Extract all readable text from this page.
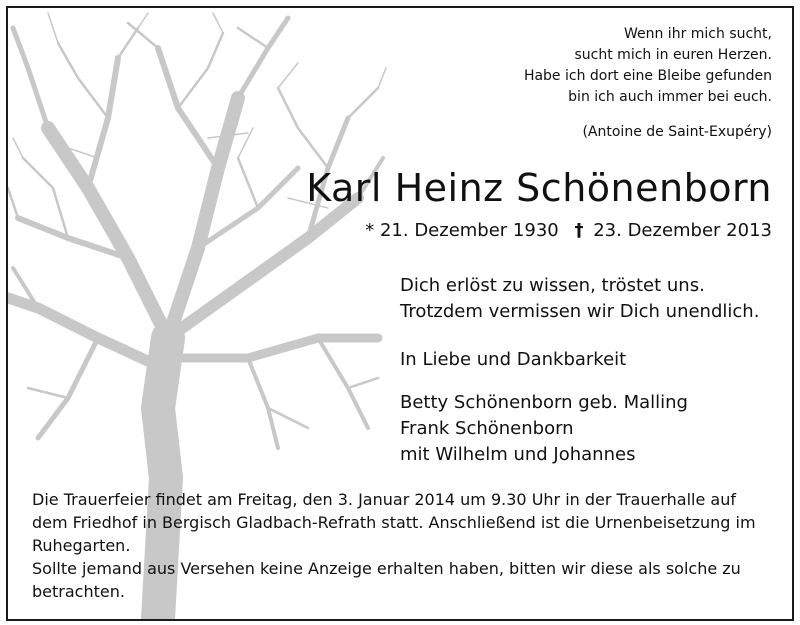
Wenn ihr mich sucht,
sucht mich in euren Herzen.
Habe ich dort eine Bleibe gefunden
bin ich auch immer bei euch.
(Antoine de Saint-Exupéry)
Karl Heinz Schönenborn
* 21. Dezember 1930 † 23. Dezember 2013
Dich erlöst zu wissen, tröstet uns.
Trotzdem vermissen wir Dich unendlich.
In Liebe und Dankbarkeit
Betty Schönenborn geb. Malling
Frank Schönenborn
mit Wilhelm und Johannes

Die Trauerfeier findet am Freitag, den 3. Januar 2014 um 9.30 Uhr in der Trauerhalle auf dem Friedhof in Bergisch Gladbach-Refrath statt. Anschließend ist die Urnenbeisetzung im Ruhegarten.

Sollte jemand aus Versehen keine Anzeige erhalten haben, bitten wir diese als solche zu betrachten.
